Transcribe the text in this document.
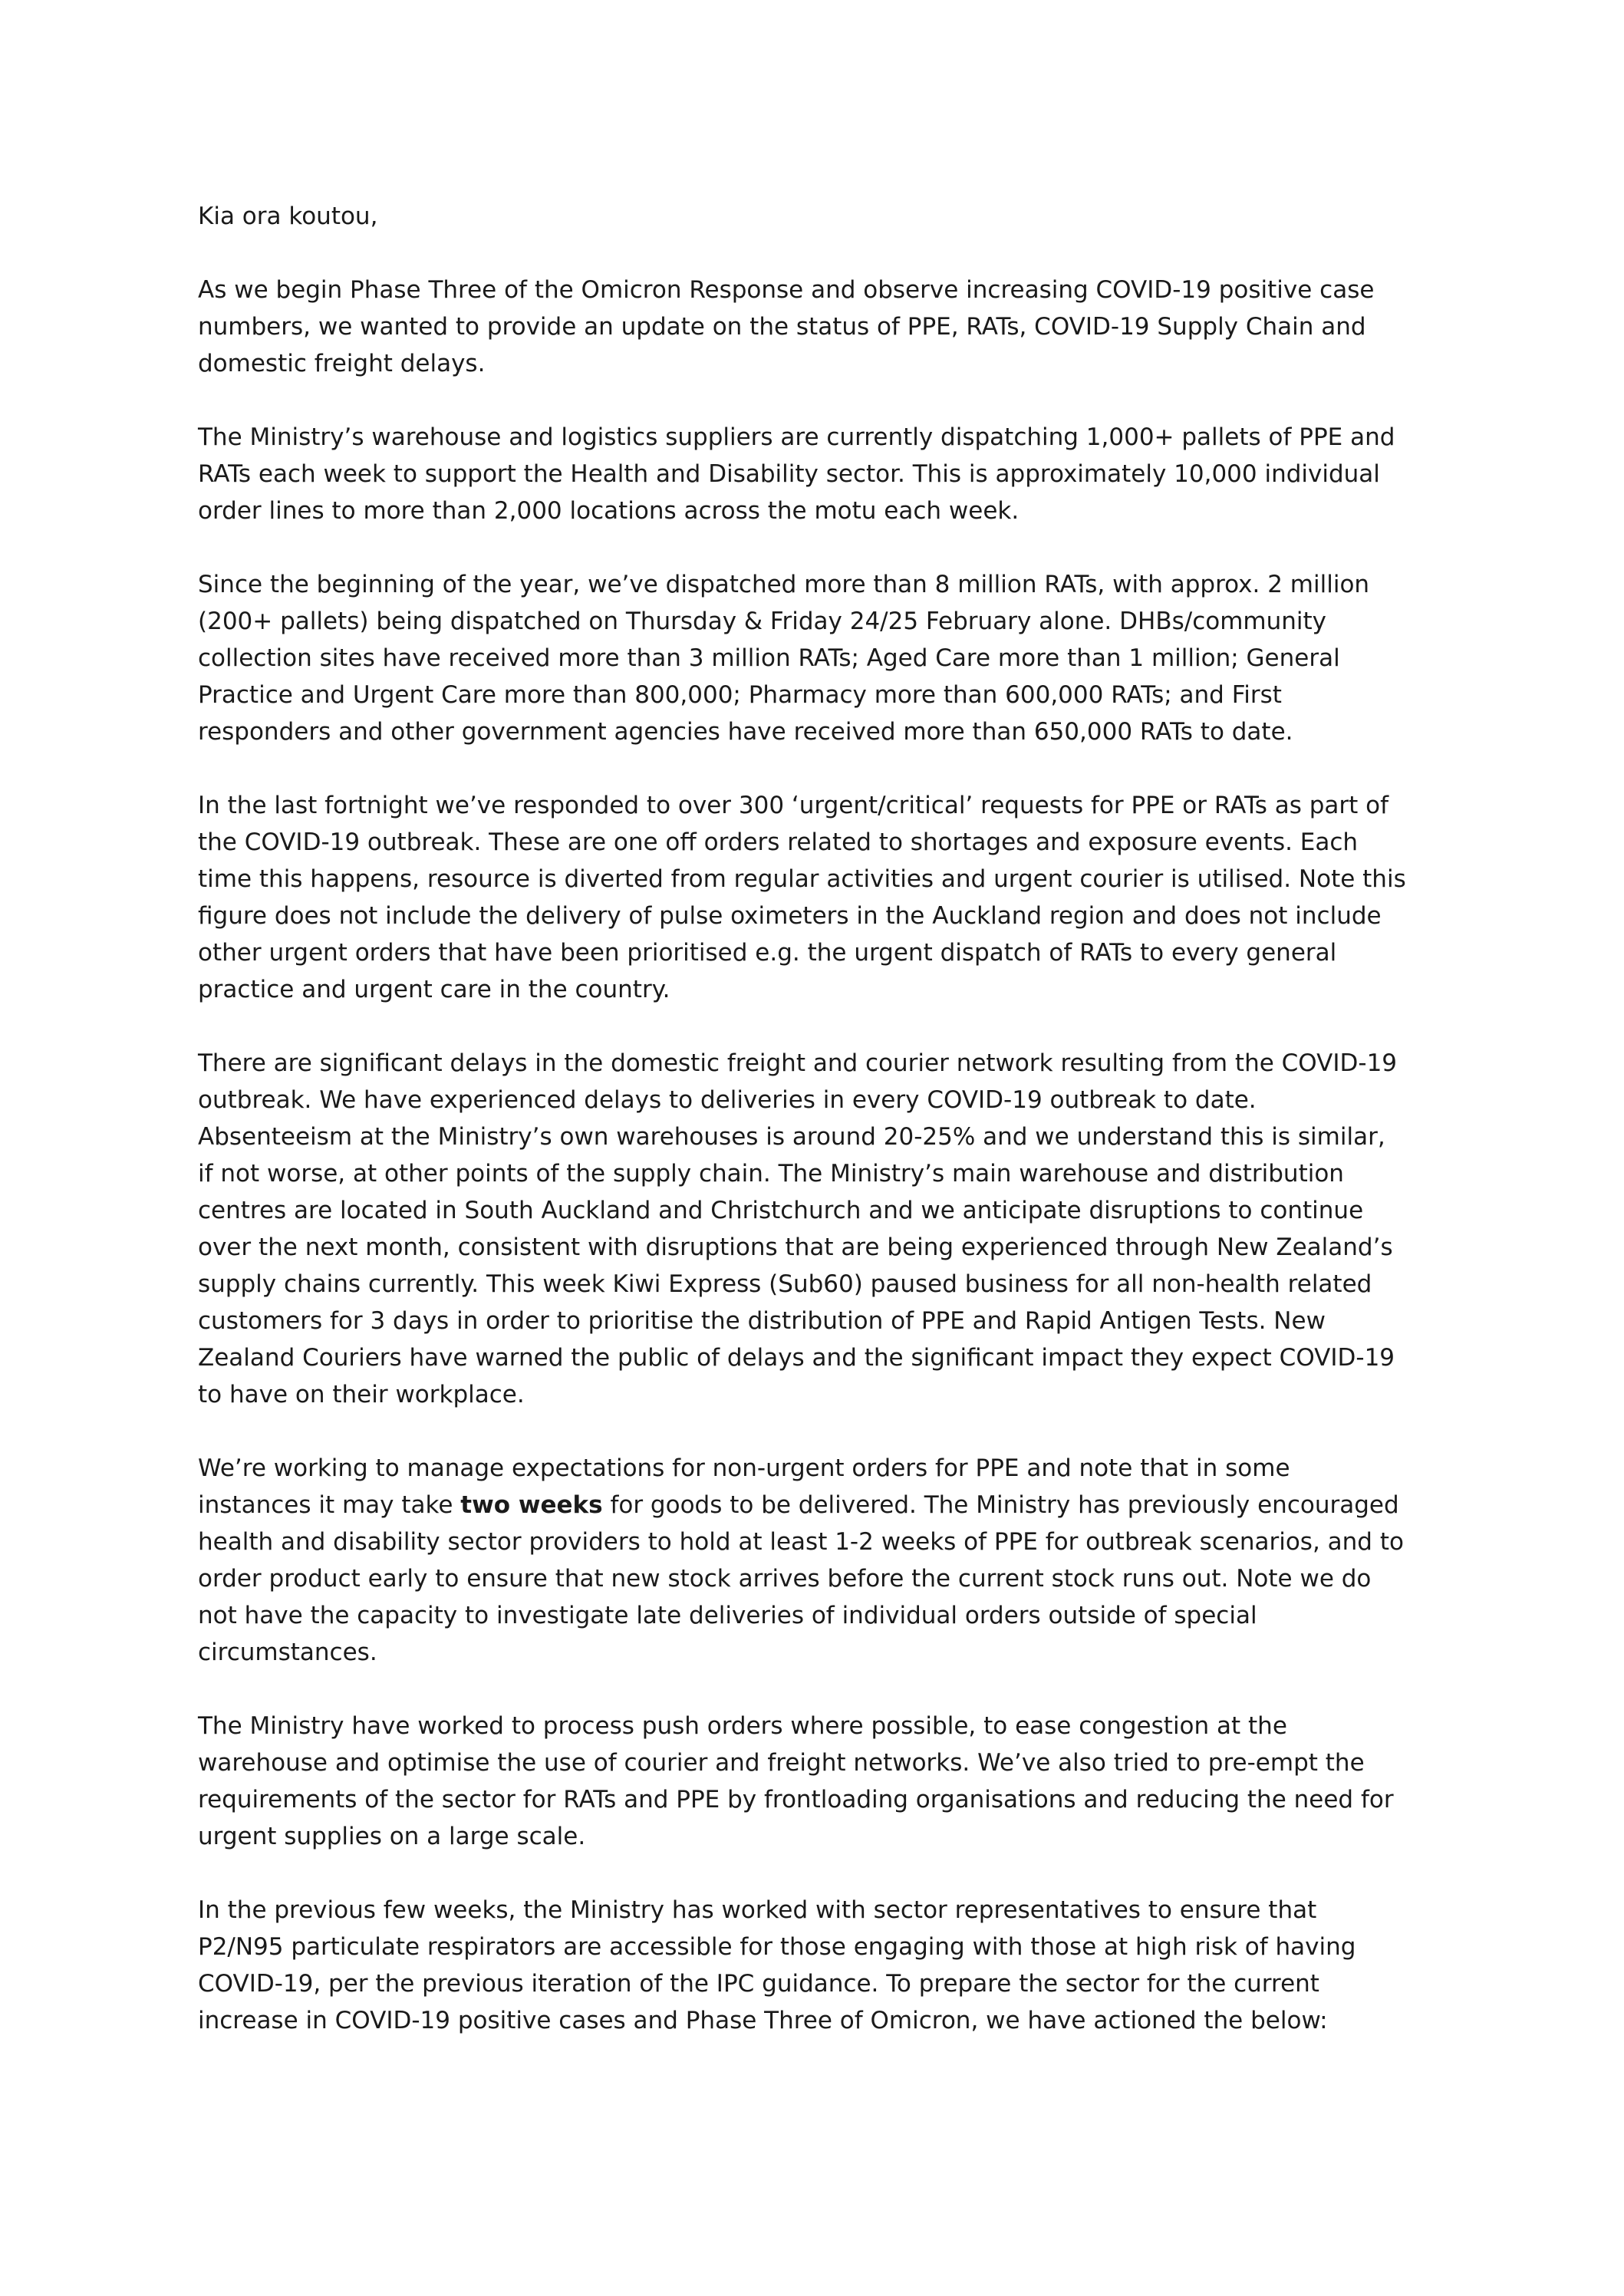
Kia ora koutou,

As we begin Phase Three of the Omicron Response and observe increasing COVID-19 positive case
numbers, we wanted to provide an update on the status of PPE, RATs, COVID-19 Supply Chain and
domestic freight delays.

The Ministry’s warehouse and logistics suppliers are currently dispatching 1,000+ pallets of PPE and
RATs each week to support the Health and Disability sector. This is approximately 10,000 individual
order lines to more than 2,000 locations across the motu each week.

Since the beginning of the year, we’ve dispatched more than 8 million RATs, with approx. 2 million
(200+ pallets) being dispatched on Thursday & Friday 24/25 February alone. DHBs/community
collection sites have received more than 3 million RATs; Aged Care more than 1 million; General
Practice and Urgent Care more than 800,000; Pharmacy more than 600,000 RATs; and First
responders and other government agencies have received more than 650,000 RATs to date.

In the last fortnight we’ve responded to over 300 ‘urgent/critical’ requests for PPE or RATs as part of
the COVID-19 outbreak. These are one off orders related to shortages and exposure events. Each
time this happens, resource is diverted from regular activities and urgent courier is utilised. Note this
figure does not include the delivery of pulse oximeters in the Auckland region and does not include
other urgent orders that have been prioritised e.g. the urgent dispatch of RATs to every general
practice and urgent care in the country.

There are significant delays in the domestic freight and courier network resulting from the COVID-19
outbreak. We have experienced delays to deliveries in every COVID-19 outbreak to date.
Absenteeism at the Ministry’s own warehouses is around 20-25% and we understand this is similar,
if not worse, at other points of the supply chain. The Ministry’s main warehouse and distribution
centres are located in South Auckland and Christchurch and we anticipate disruptions to continue
over the next month, consistent with disruptions that are being experienced through New Zealand’s
supply chains currently. This week Kiwi Express (Sub60) paused business for all non-health related
customers for 3 days in order to prioritise the distribution of PPE and Rapid Antigen Tests. New
Zealand Couriers have warned the public of delays and the significant impact they expect COVID-19
to have on their workplace.

We’re working to manage expectations for non-urgent orders for PPE and note that in some
instances it may take two weeks for goods to be delivered. The Ministry has previously encouraged
health and disability sector providers to hold at least 1-2 weeks of PPE for outbreak scenarios, and to
order product early to ensure that new stock arrives before the current stock runs out. Note we do
not have the capacity to investigate late deliveries of individual orders outside of special
circumstances.

The Ministry have worked to process push orders where possible, to ease congestion at the
warehouse and optimise the use of courier and freight networks. We’ve also tried to pre-empt the
requirements of the sector for RATs and PPE by frontloading organisations and reducing the need for
urgent supplies on a large scale.

In the previous few weeks, the Ministry has worked with sector representatives to ensure that
P2/N95 particulate respirators are accessible for those engaging with those at high risk of having
COVID-19, per the previous iteration of the IPC guidance. To prepare the sector for the current
increase in COVID-19 positive cases and Phase Three of Omicron, we have actioned the below:
